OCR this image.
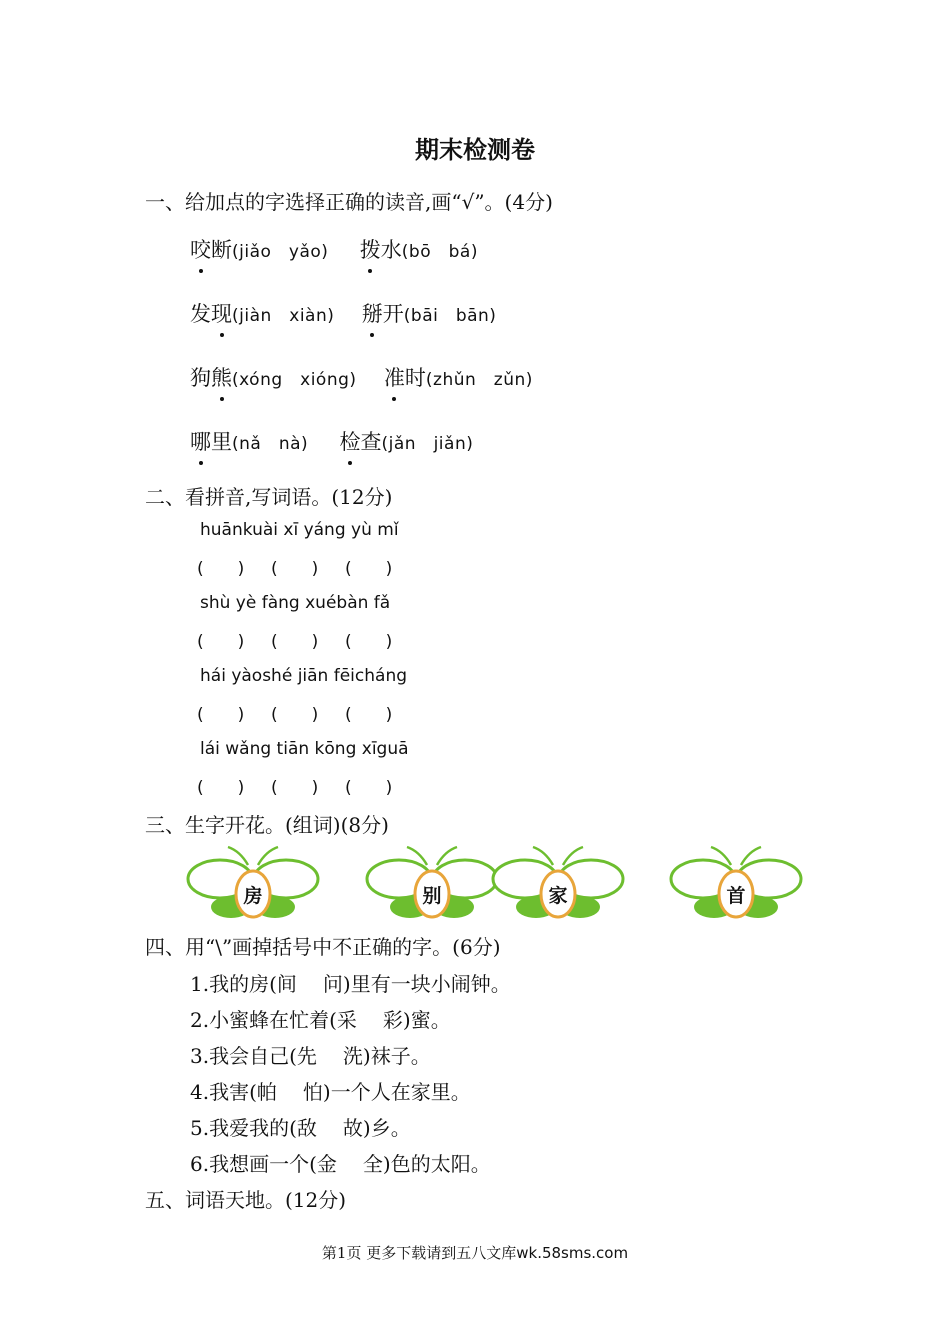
期末检测卷
一、给加点的字选择正确的读音,画“√”。(4分)
咬断(jiǎo　yǎo) 拨水(bō　bá)
发现(jiàn　xiàn) 掰开(bāi　bān)
狗熊(xóng　xióng) 准时(zhǔn　zǔn)
哪里(nǎ　nà) 检查(jǎn　jiǎn)
二、看拼音,写词语。(12分)
huānkuài xī yáng yù mǐ
(　　) (　　) (　　)
shù yè fàng xuébàn fǎ
(　　) (　　) (　　)
hái yàoshé jiān fēicháng
(　　) (　　) (　　)
lái wǎng tiān kōng xīguā
(　　) (　　) (　　)
三、生字开花。(组词)(8分)
房	别	家	首
四、用“\”画掉括号中不正确的字。(6分)
1.我的房(间 问)里有一块小闹钟。
2.小蜜蜂在忙着(采 彩)蜜。
3.我会自己(先 洗)袜子。
4.我害(帕 怕)一个人在家里。
5.我爱我的(敌 故)乡。
6.我想画一个(金 全)色的太阳。
五、词语天地。(12分)
第1页 更多下载请到五八文库wk.58sms.com
